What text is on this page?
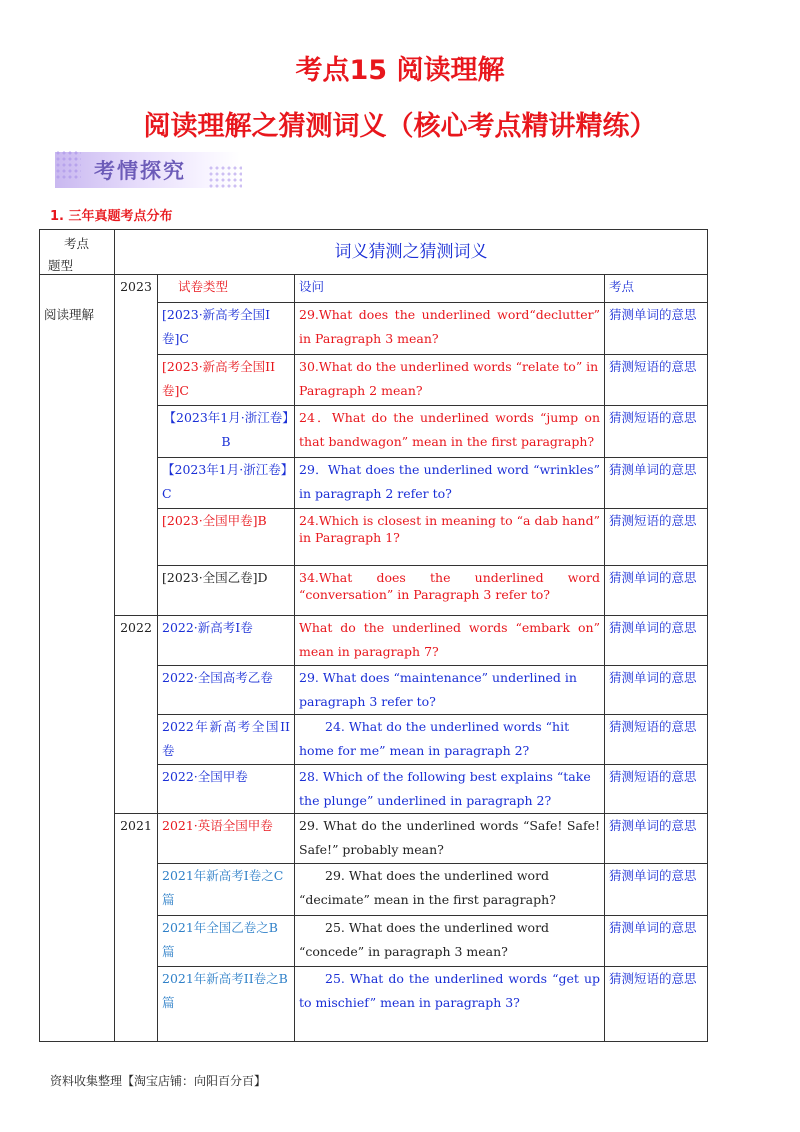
考点15 阅读理解
阅读理解之猜测词义（核心考点精讲精练）
考情探究
1. 三年真题考点分布
考点
题型	词义猜测之猜测词义			
阅读理解	2023	试卷类型	设问	考点
		[2023·新高考全国I卷]C	29.What does the underlined word“declutter” in Paragraph 3 mean?	猜测单词的意思
		[2023·新高考全国II卷]C	30.What do the underlined words “relate to” in Paragraph 2 mean?	猜测短语的意思
		【2023年1月·浙江卷】B	24．What do the underlined words “jump on that bandwagon” mean in the first paragraph?	猜测短语的意思
		【2023年1月·浙江卷】C	29．What does the underlined word “wrinkles” in paragraph 2 refer to?	猜测单词的意思
		[2023·全国甲卷]B	24.Which is closest in meaning to “a dab hand” in Paragraph 1?	猜测短语的意思
		[2023·全国乙卷]D	34.What does the underlined word “conversation” in Paragraph 3 refer to?	猜测单词的意思
	2022	2022·新高考I卷	What do the underlined words “embark on” mean in paragraph 7?	猜测单词的意思
		2022·全国高考乙卷	29. What does “maintenance” underlined in paragraph 3 refer to?	猜测单词的意思
		2022年新高考全国II卷	24. What do the underlined words “hit home for me” mean in paragraph 2?	猜测短语的意思
		2022·全国甲卷	28. Which of the following best explains “take the plunge” underlined in paragraph 2?	猜测短语的意思
	2021	2021·英语全国甲卷	29. What do the underlined words “Safe! Safe! Safe!” probably mean?	猜测单词的意思
		2021年新高考I卷之C篇	29. What does the underlined word “decimate” mean in the first paragraph?	猜测单词的意思
		2021年全国乙卷之B篇	25. What does the underlined word “concede” in paragraph 3 mean?	猜测单词的意思
		2021年新高考II卷之B篇	25. What do the underlined words “get up to mischief” mean in paragraph 3?	猜测短语的意思
资料收集整理【淘宝店铺：向阳百分百】
